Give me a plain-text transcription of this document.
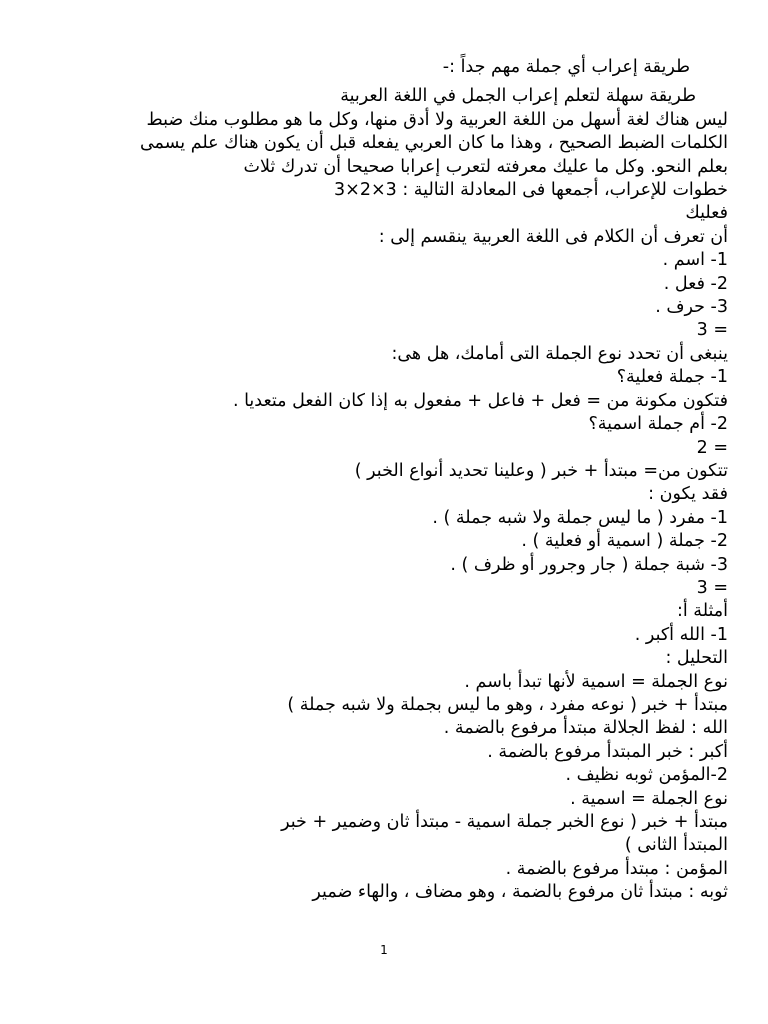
طريقة إعراب أي جملة مهم جداً :-
طريقة سهلة لتعلم إعراب الجمل في اللغة العربية
ليس هناك لغة أسهل من اللغة العربية ولا أدق منها، وكل ما هو مطلوب منك ضبط
الكلمات الضبط الصحيح ، وهذا ما كان العربي يفعله قبل أن يكون هناك علم يسمى
بعلم النحو. وكل ما عليك معرفته لتعرب إعرابا صحيحا أن تدرك ثلاث
خطوات للإعراب، أجمعها فى المعادلة التالية : 3×2×3
فعليك
أن تعرف أن الكلام فى اللغة العربية ينقسم إلى :
1- اسم .
2- فعل .
3- حرف .
= 3
ينبغى أن تحدد نوع الجملة التى أمامك، هل هى:
1- جملة فعلية؟
فتكون مكونة من = فعل + فاعل + مفعول به إذا كان الفعل متعديا .
2- أم جملة اسمية؟
= 2
تتكون من= مبتدأ + خبر ( وعلينا تحديد أنواع الخبر )
فقد يكون :
1- مفرد ( ما ليس جملة ولا شبه جملة ) .
2- جملة ( اسمية أو فعلية ) .
3- شبة جملة ( جار وجرور أو ظرف ) .
= 3
أمثلة أ:
1- الله أكبر .
التحليل :
نوع الجملة = اسمية لأنها تبدأ باسم .
مبتدأ + خبر ( نوعه مفرد ، وهو ما ليس بجملة ولا شبه جملة )
الله : لفظ الجلالة مبتدأ مرفوع بالضمة .
أكبر : خبر المبتدأ مرفوع بالضمة .
2-المؤمن ثوبه نظيف .
نوع الجملة = اسمية .
مبتدأ + خبر ( نوع الخبر جملة اسمية - مبتدأ ثان وضمير + خبر
المبتدأ الثانى )
المؤمن : مبتدأ مرفوع بالضمة .
ثوبه : مبتدأ ثان مرفوع بالضمة ، وهو مضاف ، والهاء ضمير
1
